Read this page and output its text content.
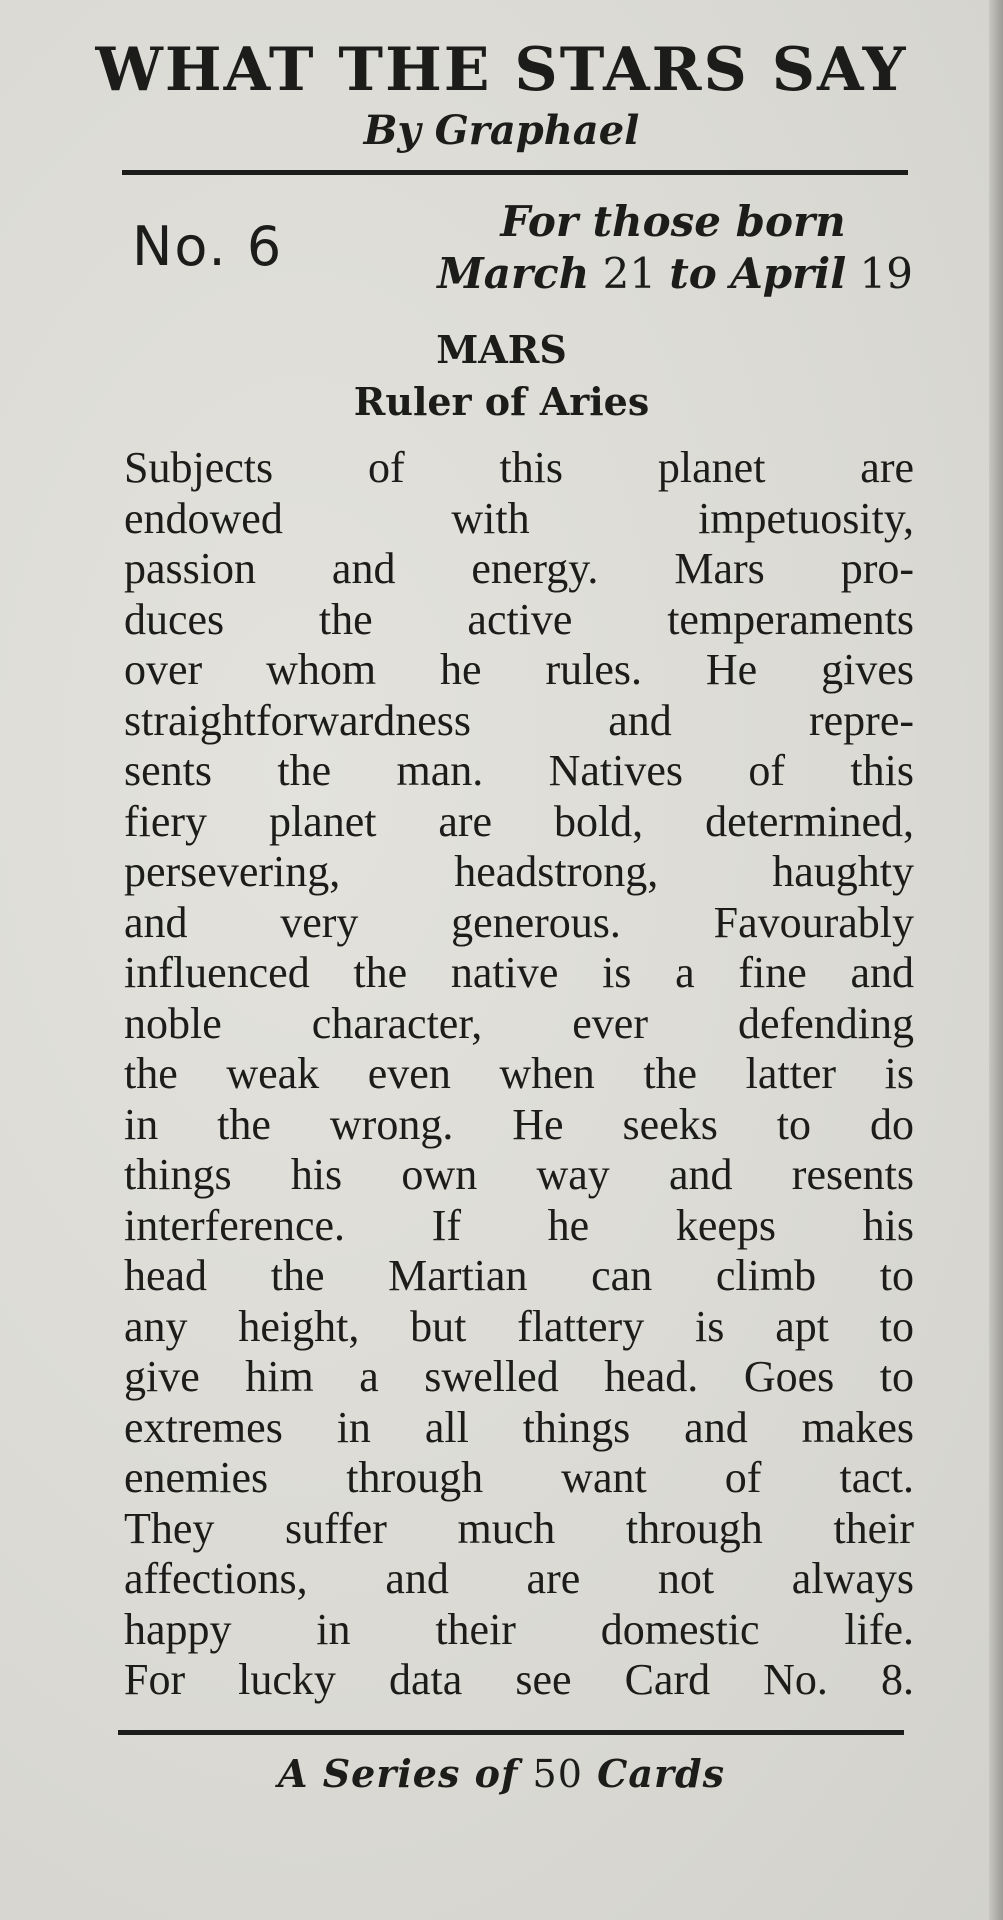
WHAT THE STARS SAY
By Graphael
No. 6	For those born
March 21 to April 19
MARS
Ruler of Aries
Subjects of this planet are
endowed with impetuosity,
passion and energy. Mars pro-
duces the active temperaments
over whom he rules. He gives
straightforwardness and repre-
sents the man. Natives of this
fiery planet are bold, determined,
persevering, headstrong, haughty
and very generous. Favourably
influenced the native is a fine and
noble character, ever defending
the weak even when the latter is
in the wrong. He seeks to do
things his own way and resents
interference. If he keeps his
head the Martian can climb to
any height, but flattery is apt to
give him a swelled head. Goes to
extremes in all things and makes
enemies through want of tact.
They suffer much through their
affections, and are not always
happy in their domestic life.
For lucky data see Card No. 8.
A Series of 50 Cards
